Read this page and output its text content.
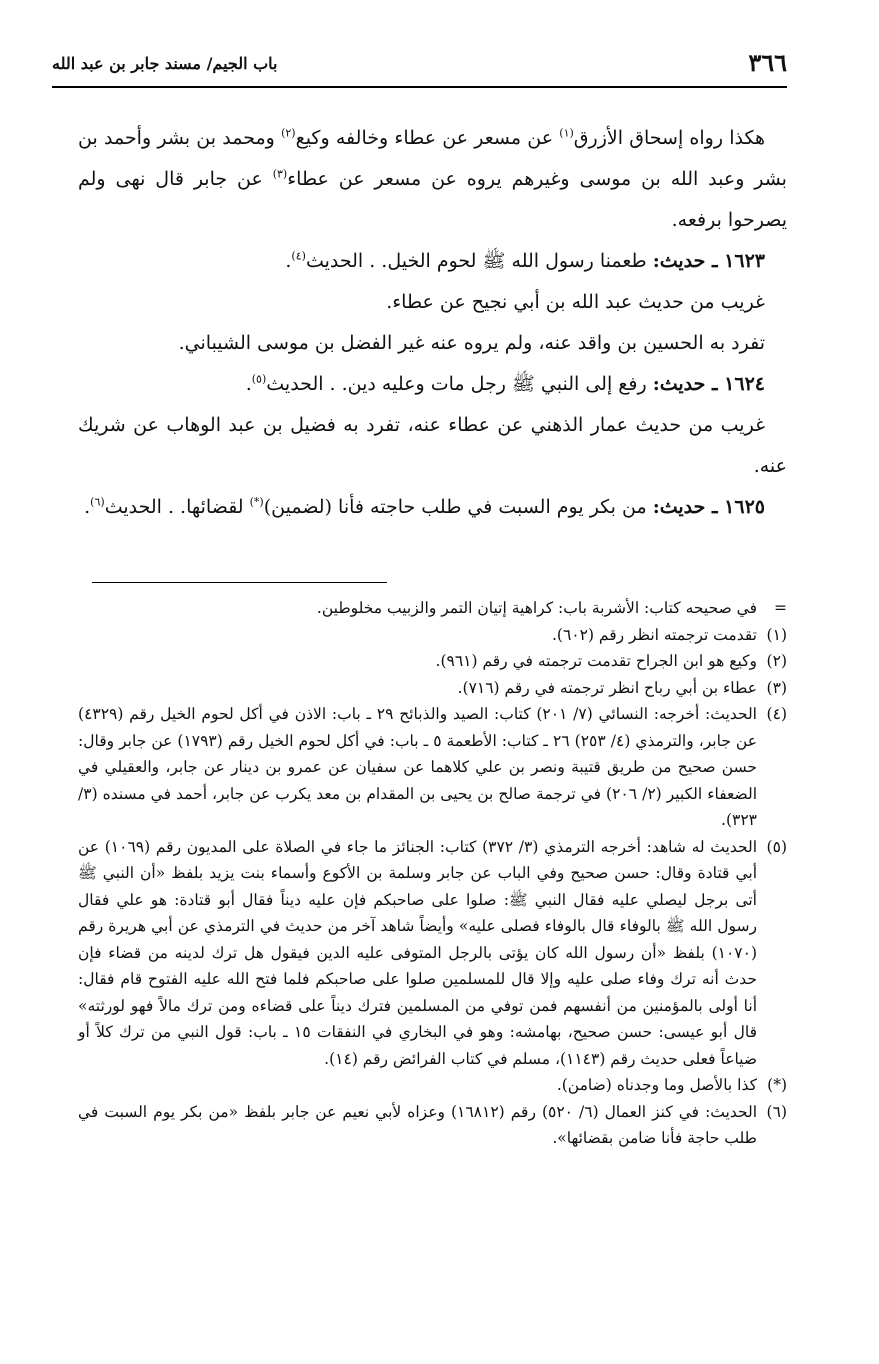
٣٦٦
باب الجيم/ مسند جابر بن عبد الله

هكذا رواه إسحاق الأزرق$^{(١)}$ عن مسعر عن عطاء وخالفه وكيع$^{(٢)}$ ومحمد بن بشر وأحمد بن بشر وعبد الله بن موسى وغيرهم يروه عن مسعر عن عطاء$^{(٣)}$ عن جابر قال نهى ولم يصرحوا برفعه.

١٦٢٣ ـ حديث: طعمنا رسول الله ﷺ لحوم الخيل. . الحديث$^{(٤)}$.

غريب من حديث عبد الله بن أبي نجيح عن عطاء.

تفرد به الحسين بن واقد عنه، ولم يروه عنه غير الفضل بن موسى الشيباني.

١٦٢٤ ـ حديث: رفع إلى النبي ﷺ رجل مات وعليه دين. . الحديث$^{(٥)}$.

غريب من حديث عمار الذهني عن عطاء عنه، تفرد به فضيل بن عبد الوهاب عن شريك عنه.

١٦٢٥ ـ حديث: من بكر يوم السبت في طلب حاجته فأنا (لضمين)(*) لقضائها. . الحديث$^{(٦)}$.

=
في صحيحه كتاب: الأشربة باب: كراهية إتيان التمر والزبيب مخلوطين.
(١)
تقدمت ترجمته انظر رقم (٦٠٢).
(٢)
وكيع هو ابن الجراح تقدمت ترجمته في رقم (٩٦١).
(٣)
عطاء بن أبي رباح انظر ترجمته في رقم (٧١٦).
(٤)
الحديث: أخرجه: النسائي (٧/ ٢٠١) كتاب: الصيد والذبائح ٢٩ ـ باب: الاذن في أكل لحوم الخيل رقم (٤٣٢٩) عن جابر، والترمذي (٤/ ٢٥٣) ٢٦ ـ كتاب: الأطعمة ٥ ـ باب: في أكل لحوم الخيل رقم (١٧٩٣) عن جابر وقال: حسن صحيح من طريق قتيبة ونصر بن علي كلاهما عن سفيان عن عمرو بن دينار عن جابر، والعقيلي في الضعفاء الكبير (٢/ ٢٠٦) في ترجمة صالح بن يحيى بن المقدام بن معد يكرب عن جابر، أحمد في مسنده (٣/ ٣٢٣).
(٥)
الحديث له شاهد: أخرجه الترمذي (٣/ ٣٧٢) كتاب: الجنائز ما جاء في الصلاة على المديون رقم (١٠٦٩) عن أبي قتادة وقال: حسن صحيح وفي الباب عن جابر وسلمة بن الأكوع وأسماء بنت يزيد بلفظ «أن النبي ﷺ أتى برجل ليصلي عليه فقال النبي ﷺ: صلوا على صاحبكم فإن عليه ديناً فقال أبو قتادة: هو علي فقال رسول الله ﷺ بالوفاء قال بالوفاء فصلى عليه» وأيضاً شاهد آخر من حديث في الترمذي عن أبي هريرة رقم (١٠٧٠) بلفظ «أن رسول الله كان يؤتى بالرجل المتوفى عليه الدين فيقول هل ترك لدينه من قضاء فإن حدث أنه ترك وفاء صلى عليه وإلا قال للمسلمين صلوا على صاحبكم فلما فتح الله عليه الفتوح قام فقال: أنا أولى بالمؤمنين من أنفسهم فمن توفي من المسلمين فترك ديناً على قضاءه ومن ترك مالاً فهو لورثته» قال أبو عيسى: حسن صحيح، بهامشه: وهو في البخاري في النفقات ١٥ ـ باب: قول النبي من ترك كلاً أو ضياعاً فعلى حديث رقم (١١٤٣)، مسلم في كتاب الفرائض رقم (١٤).
(*)
كذا بالأصل وما وجدناه (ضامن).
(٦)
الحديث: في كنز العمال (٦/ ٥٢٠) رقم (١٦٨١٢) وعزاه لأبي نعيم عن جابر بلفظ «من بكر يوم السبت في طلب حاجة فأنا ضامن بقضائها».
